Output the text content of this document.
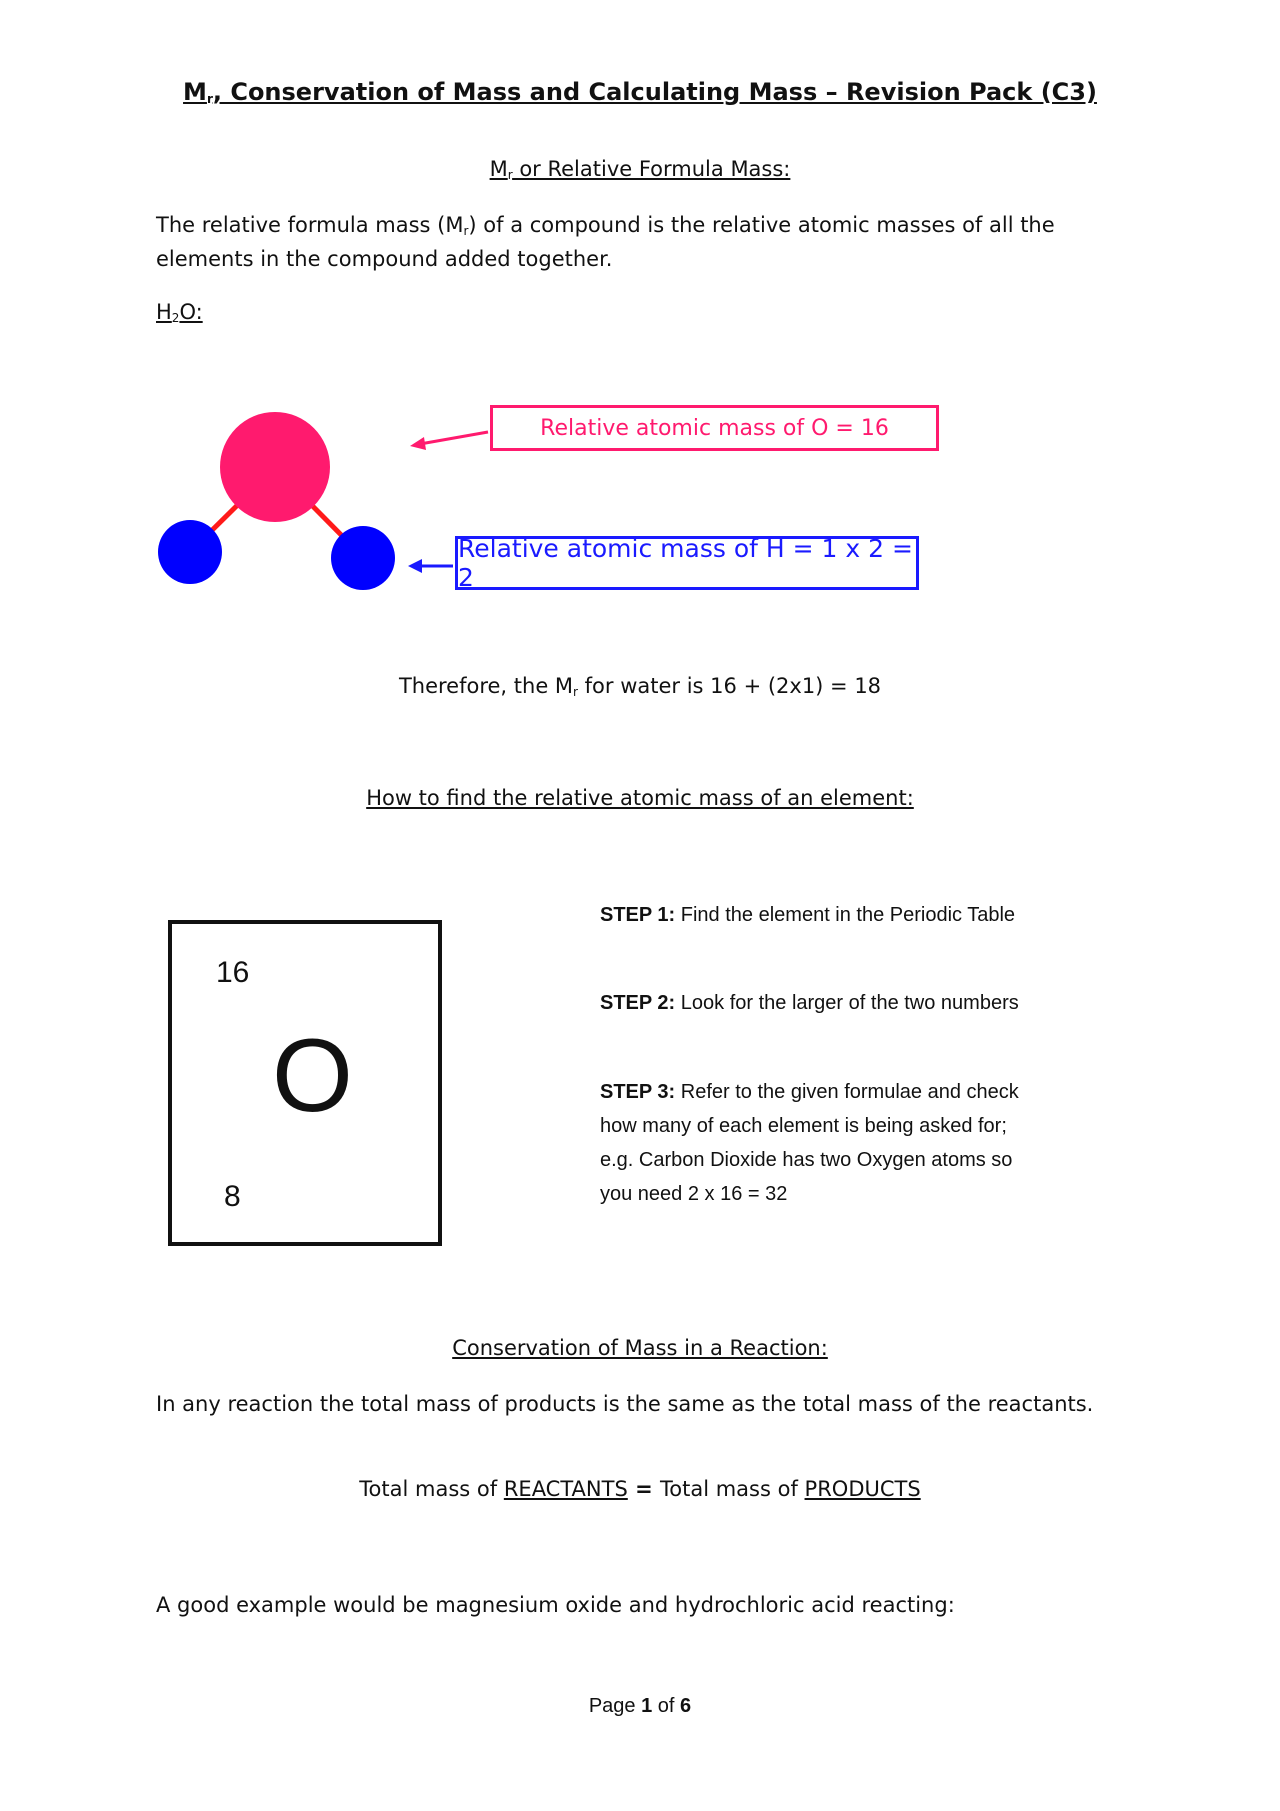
$M_r$, Conservation of Mass and Calculating Mass – Revision Pack (C3)
$M_r$ or Relative Formula Mass:
The relative formula mass $(M_r)$ of a compound is the relative atomic masses of all the elements in the compound added together.
$H_2O$:
Relative atomic mass of O = 16
Relative atomic mass of H = 1 x 2 = 2
Therefore, the $M_r$ for water is 16 + (2x1) = 18
How to find the relative atomic mass of an element:
16
O
8
STEP 1: Find the element in the Periodic Table
STEP 2: Look for the larger of the two numbers
STEP 3: Refer to the given formulae and check how many of each element is being asked for; e.g. Carbon Dioxide has two Oxygen atoms so you need 2 x 16 = 32
Conservation of Mass in a Reaction:
In any reaction the total mass of products is the same as the total mass of the reactants.
Total mass of REACTANTS = Total mass of PRODUCTS
A good example would be magnesium oxide and hydrochloric acid reacting:
Page 1 of 6
